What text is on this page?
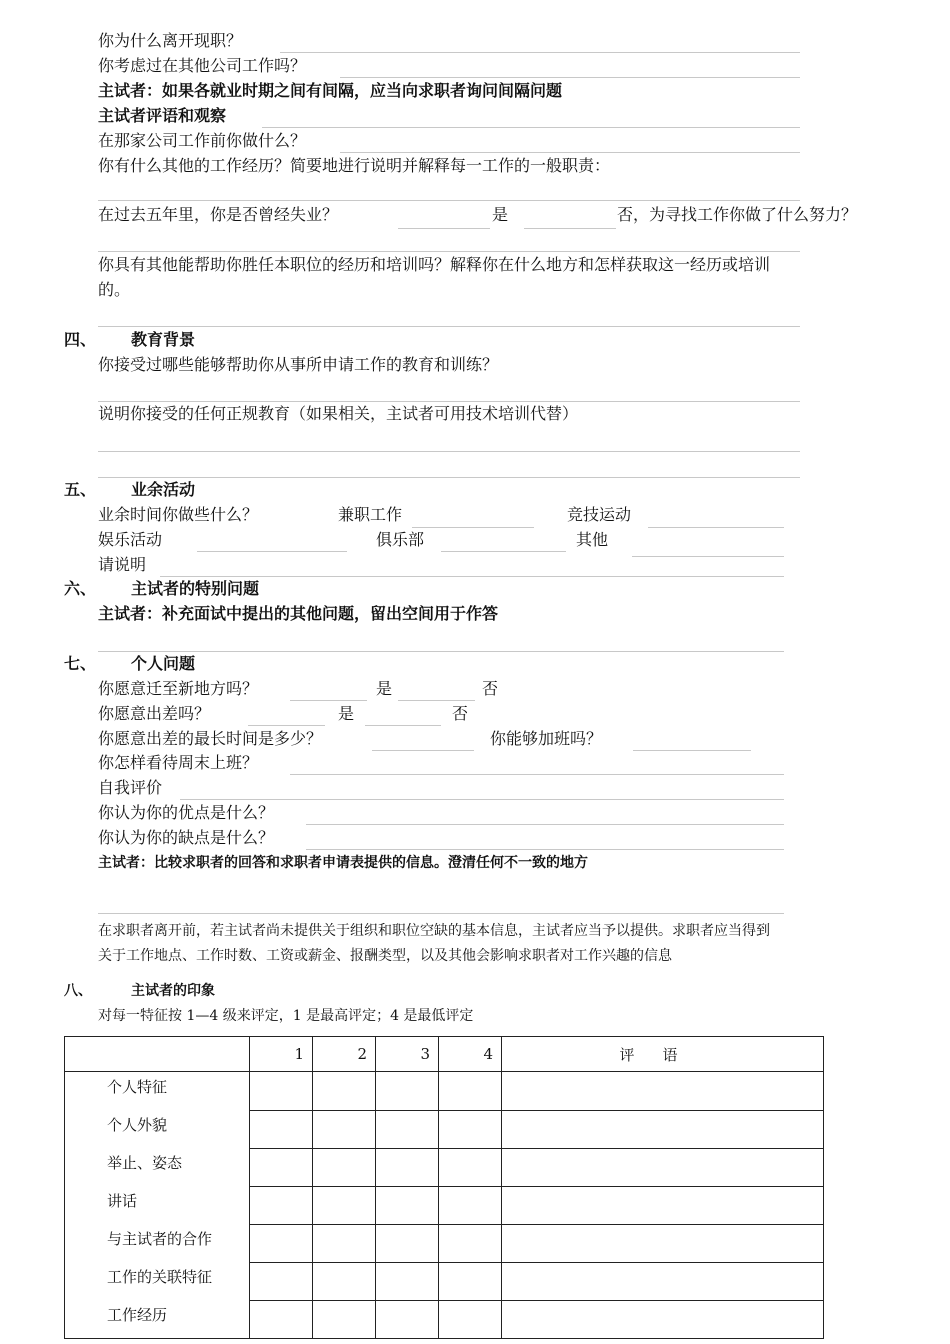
你为什么离开现职？
你考虑过在其他公司工作吗？
主试者：如果各就业时期之间有间隔，应当向求职者询问间隔问题
主试者评语和观察
在那家公司工作前你做什么？
你有什么其他的工作经历？简要地进行说明并解释每一工作的一般职责：
在过去五年里，你是否曾经失业？	是	否，为寻找工作你做了什么努力？
你具有其他能帮助你胜任本职位的经历和培训吗？解释你在什么地方和怎样获取这一经历或培训
的。
四、 教育背景
你接受过哪些能够帮助你从事所申请工作的教育和训练？
说明你接受的任何正规教育（如果相关，主试者可用技术培训代替）
五、 业余活动
业余时间你做些什么？	兼职工作	竞技运动
娱乐活动	俱乐部	其他
请说明
六、 主试者的特别问题
主试者：补充面试中提出的其他问题，留出空间用于作答
七、 个人问题
你愿意迁至新地方吗？	是	否
你愿意出差吗？	是	否
你愿意出差的最长时间是多少？	你能够加班吗？
你怎样看待周末上班？
自我评价
你认为你的优点是什么？
你认为你的缺点是什么？
主试者：比较求职者的回答和求职者申请表提供的信息。澄清任何不一致的地方
在求职者离开前，若主试者尚未提供关于组织和职位空缺的基本信息，主试者应当予以提供。求职者应当得到
关于工作地点、工作时数、工资或薪金、报酬类型，以及其他会影响求职者对工作兴趣的信息
八、	主试者的印象
对每一特征按 1—4 级来评定，1 是最高评定；4 是最低评定
	1	2	3	4	评语
个人特征					
个人外貌					
举止、姿态					
讲话					
与主试者的合作					
工作的关联特征					
工作经历					
